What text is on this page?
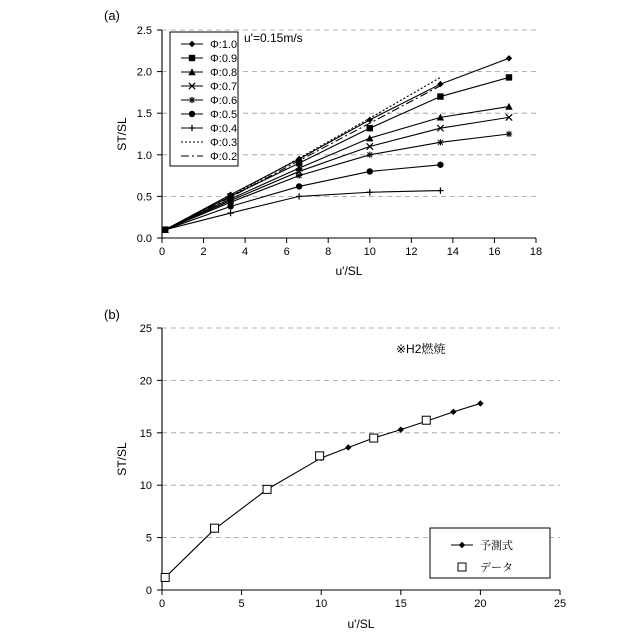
(a)
0	2	4	6	8	10	12	14	16	18
0.0
0.5
1.0
1.5
2.0
2.5
u'/SL
ST/SL
u'=0.15m/s
Φ:1.0
Φ:0.9
Φ:0.8
Φ:0.7
Φ:0.6
Φ:0.5
Φ:0.4
Φ:0.3
Φ:0.2
(b)
0	5	10	15	20	25
0
5
10
15
20
25
u'/SL
ST/SL
※H2燃焼
予測式
データ
